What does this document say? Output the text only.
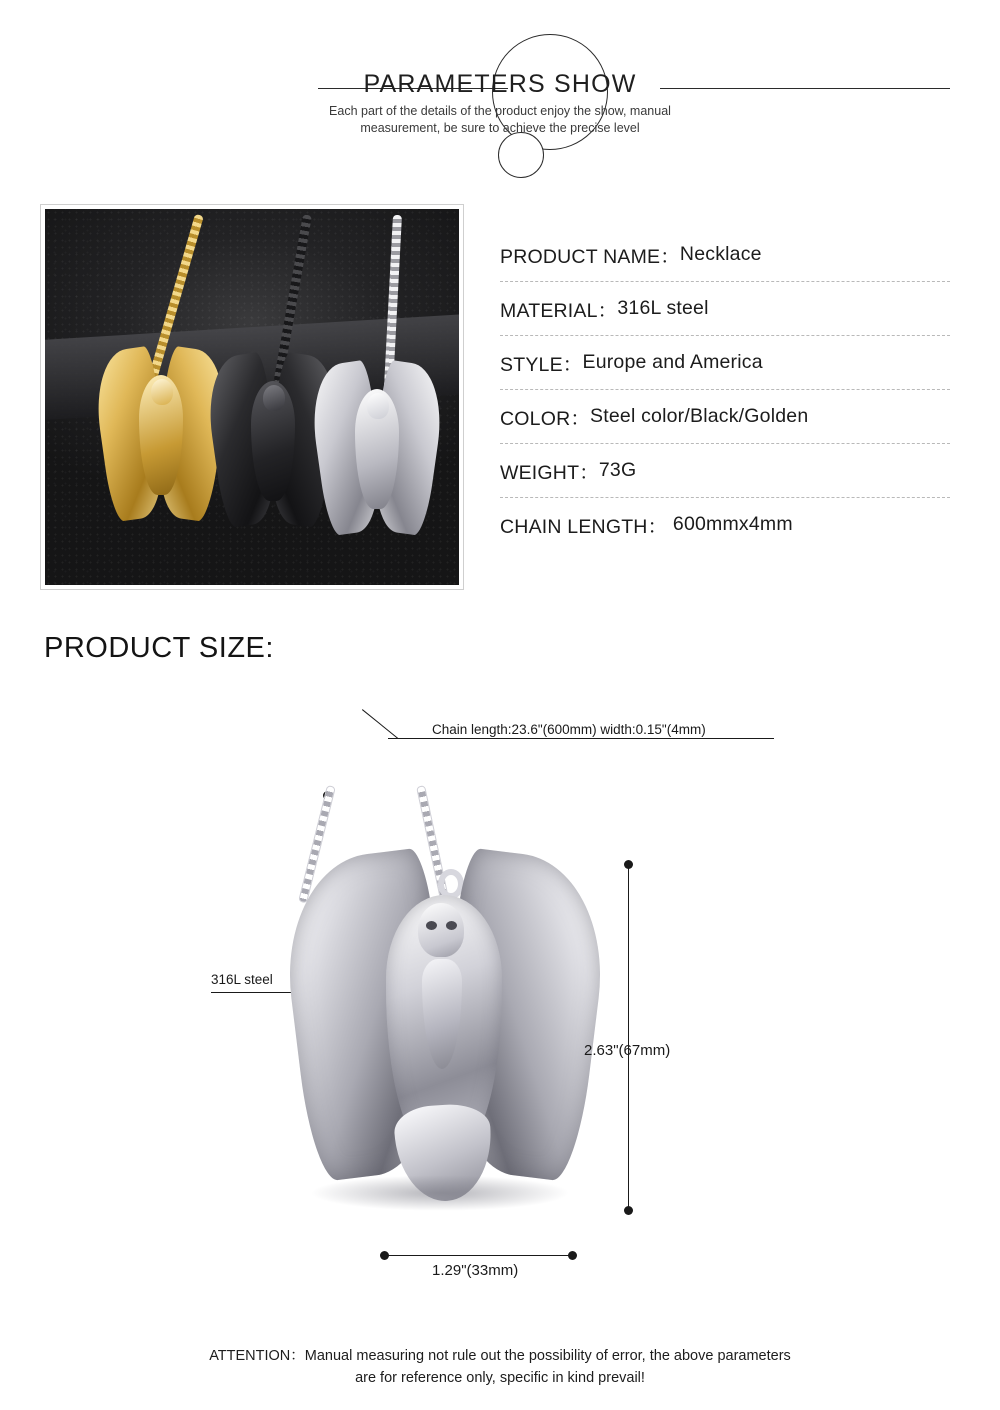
PARAMETERS SHOW
Each part of the details of the product enjoy the show, manual
measurement, be sure to achieve the precise level
PRODUCT NAME： Necklace
MATERIAL： 316L steel
STYLE： Europe and America
COLOR： Steel color/Black/Golden
WEIGHT： 73G
CHAIN LENGTH： 600mmx4mm
PRODUCT SIZE:
Chain length:23.6"(600mm) width:0.15"(4mm)
316L steel
2.63"(67mm)
1.29"(33mm)
ATTENTION：Manual measuring not rule out the possibility of error, the above parameters
are for reference only, specific in kind prevail!
